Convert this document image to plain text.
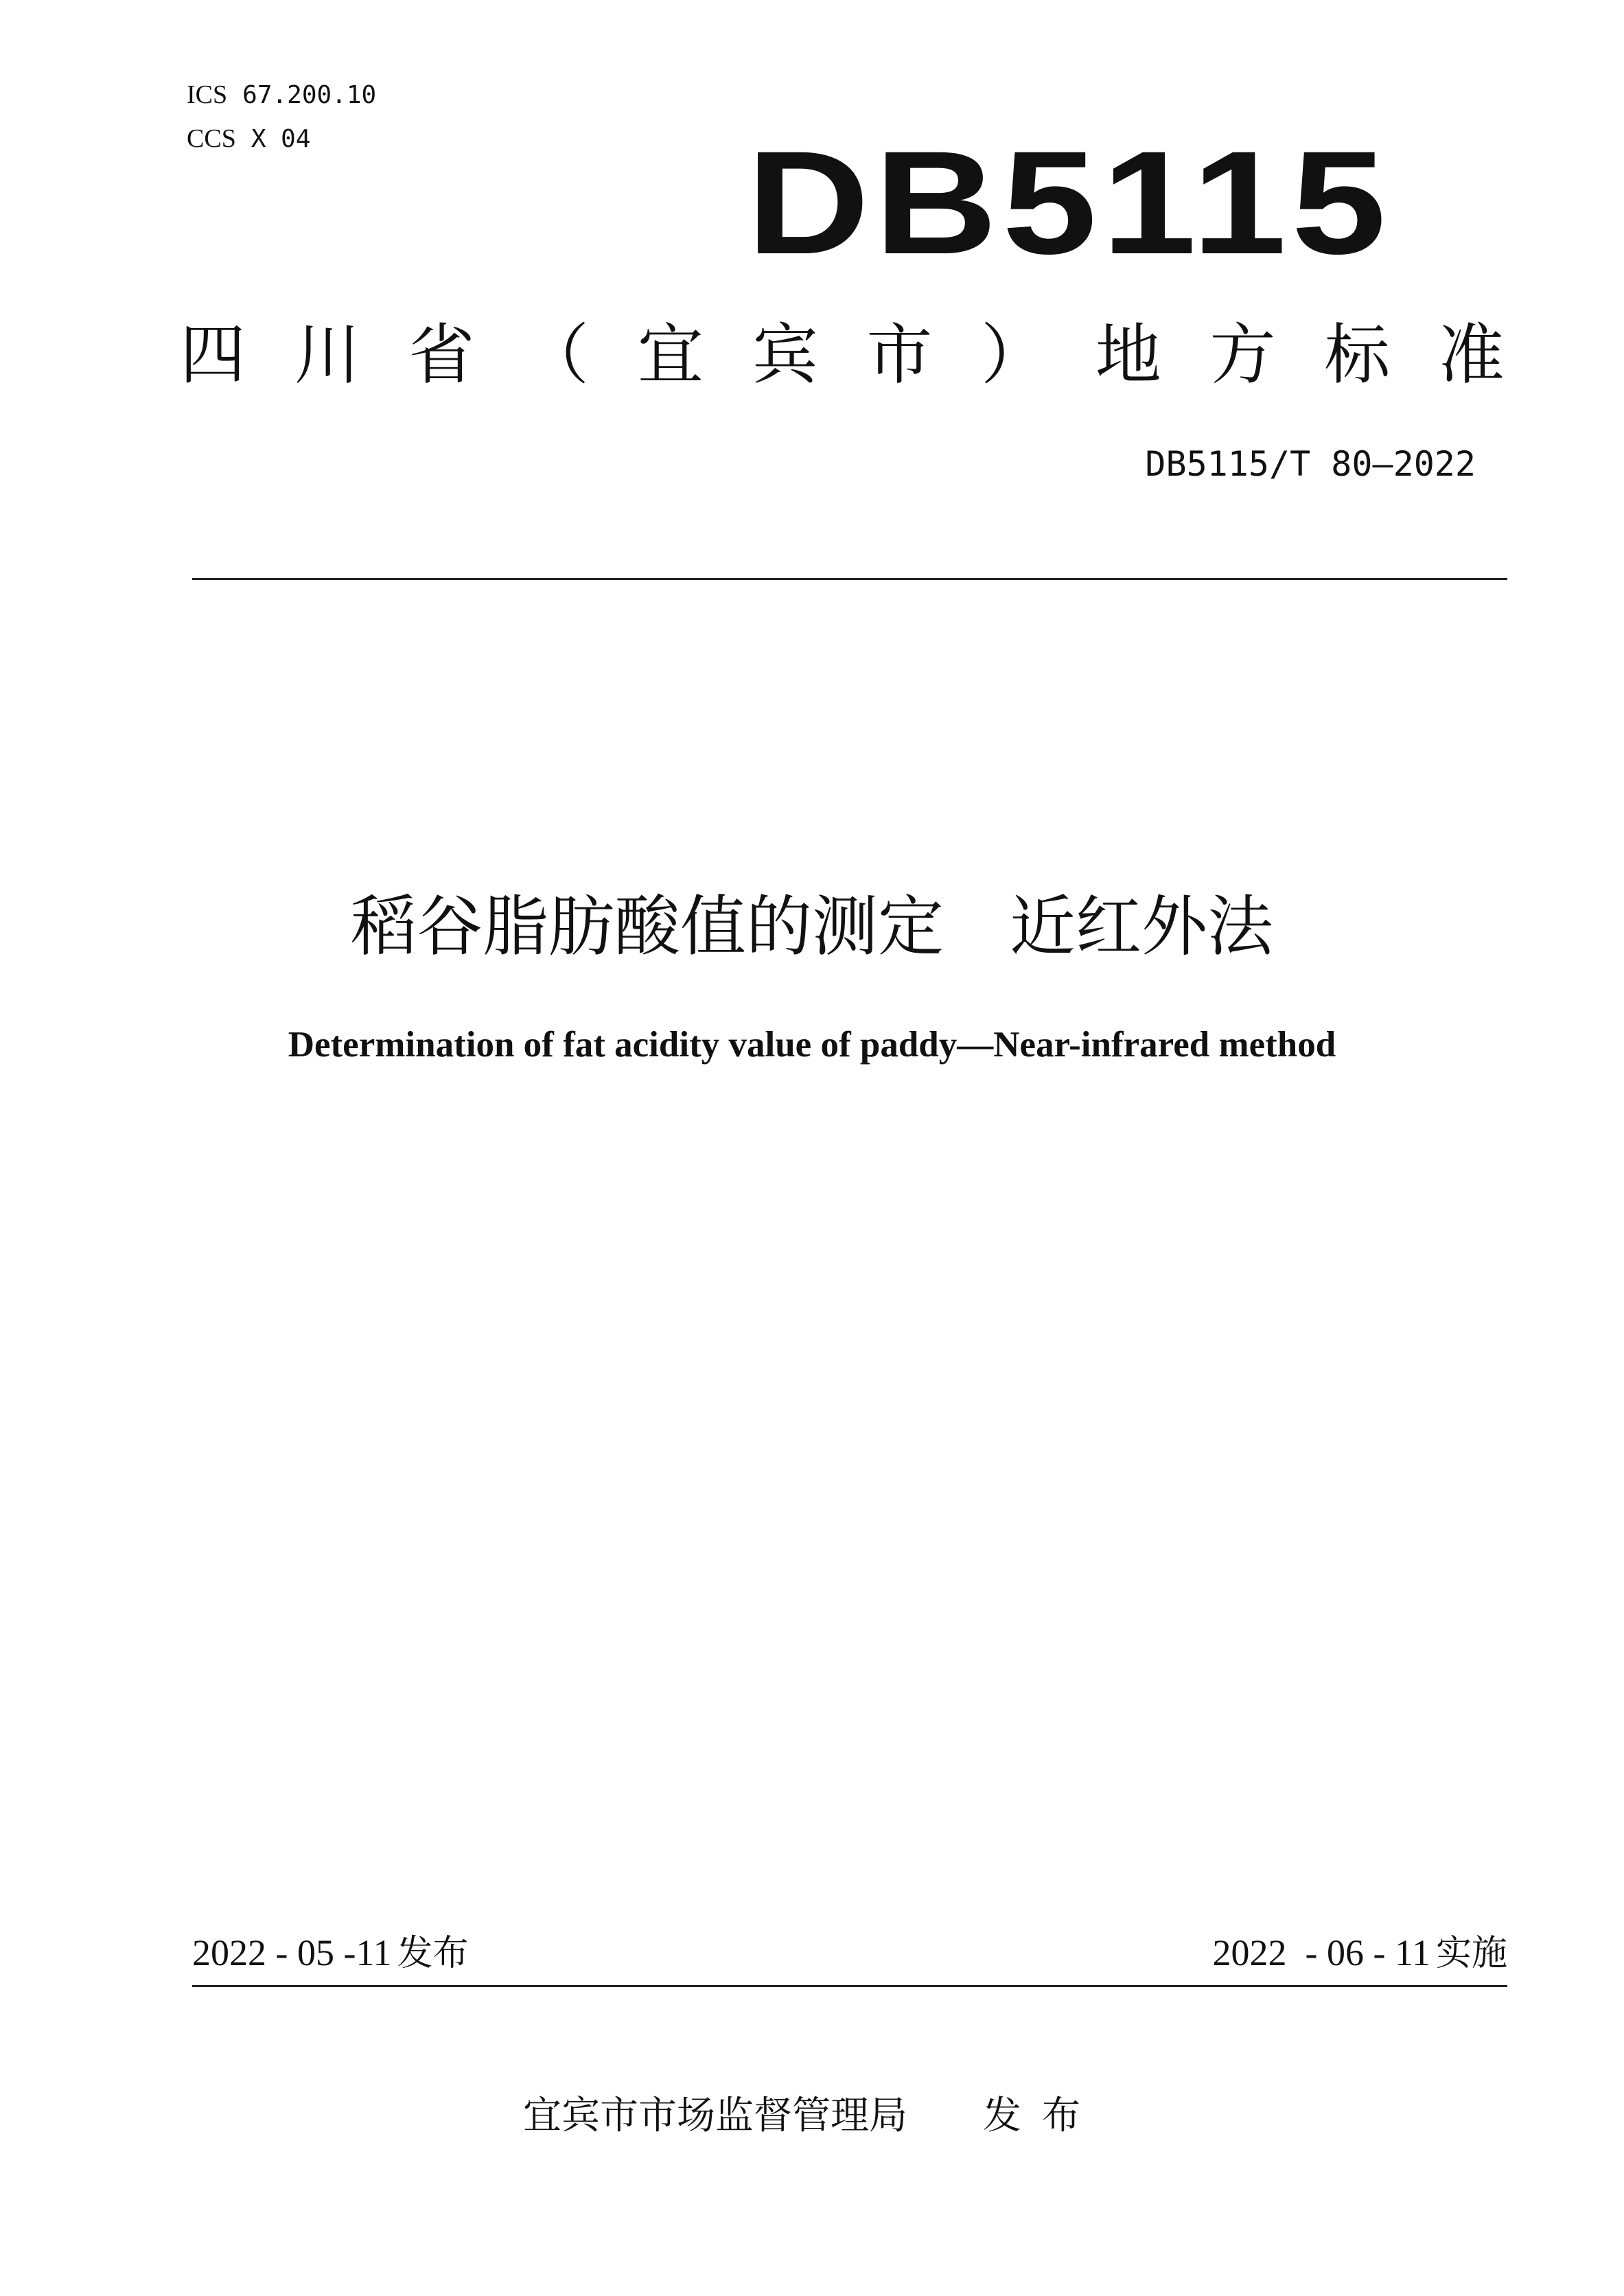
ICS 67.200.10
CCS X 04	DB5115
四 川 省 （ 宜 宾 市 ） 地 方 标 准
DB5115/T 80—2022
稻谷脂肪酸值的测定　近红外法
Determination of fat acidity value of paddy—Near-infrared method
2022 - 05 -11 发布	2022  - 06 - 11 实施
宜宾市市场监督管理局 发布
